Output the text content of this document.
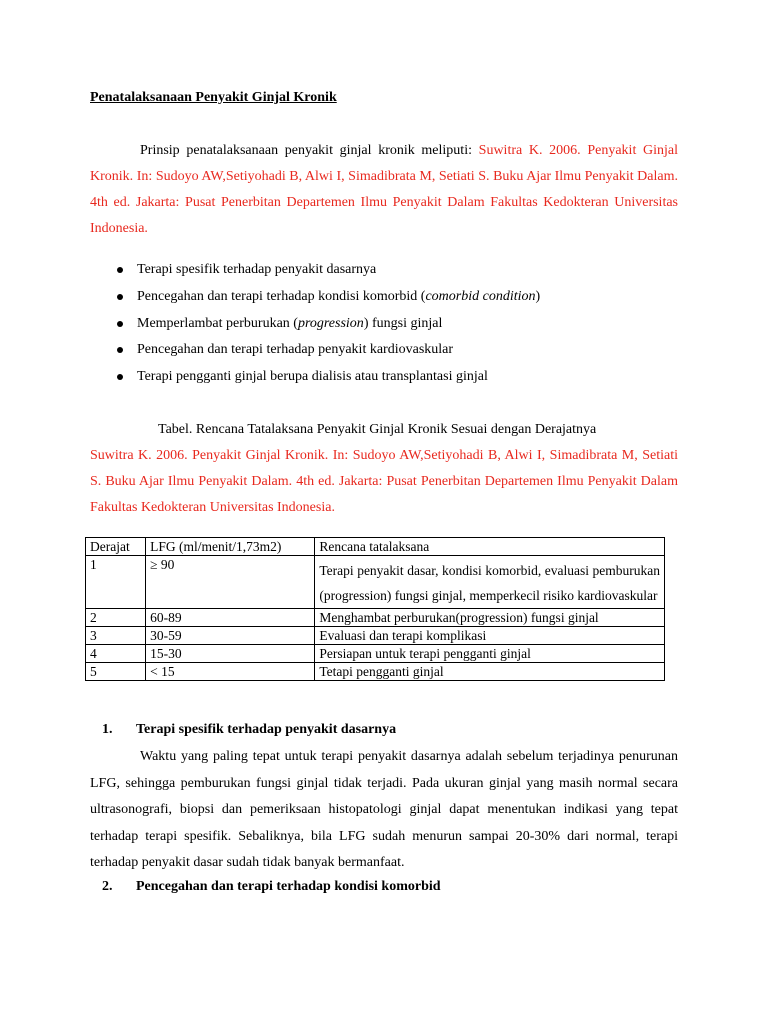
Penatalaksanaan Penyakit Ginjal Kronik

Prinsip penatalaksanaan penyakit ginjal kronik meliputi: Suwitra K. 2006. Penyakit Ginjal Kronik. In: Sudoyo AW,Setiyohadi B, Alwi I, Simadibrata M, Setiati S. Buku Ajar Ilmu Penyakit Dalam. 4th ed. Jakarta: Pusat Penerbitan Departemen Ilmu Penyakit Dalam Fakultas Kedokteran Universitas Indonesia.

Terapi spesifik terhadap penyakit dasarnya
Pencegahan dan terapi terhadap kondisi komorbid (comorbid condition)
Memperlambat perburukan (progression) fungsi ginjal
Pencegahan dan terapi terhadap penyakit kardiovaskular
Terapi pengganti ginjal berupa dialisis atau transplantasi ginjal

Tabel. Rencana Tatalaksana Penyakit Ginjal Kronik Sesuai dengan Derajatnya

Suwitra K. 2006. Penyakit Ginjal Kronik. In: Sudoyo AW,Setiyohadi B, Alwi I, Simadibrata M, Setiati S. Buku Ajar Ilmu Penyakit Dalam. 4th ed. Jakarta: Pusat Penerbitan Departemen Ilmu Penyakit Dalam Fakultas Kedokteran Universitas Indonesia.

Derajat	LFG (ml/menit/1,73m2)	Rencana tatalaksana
1	≥ 90	Terapi penyakit dasar, kondisi komorbid, evaluasi pemburukan (progression) fungsi ginjal, memperkecil risiko kardiovaskular
2	60-89	Menghambat perburukan(progression) fungsi ginjal
3	30-59	Evaluasi dan terapi komplikasi
4	15-30	Persiapan untuk terapi pengganti ginjal
5	< 15	Tetapi pengganti ginjal
1. Terapi spesifik terhadap penyakit dasarnya

Waktu yang paling tepat untuk terapi penyakit dasarnya adalah sebelum terjadinya penurunan LFG, sehingga pemburukan fungsi ginjal tidak terjadi. Pada ukuran ginjal yang masih normal secara ultrasonografi, biopsi dan pemeriksaan histopatologi ginjal dapat menentukan indikasi yang tepat terhadap terapi spesifik. Sebaliknya, bila LFG sudah menurun sampai 20-30% dari normal, terapi terhadap penyakit dasar sudah tidak banyak bermanfaat.

2. Pencegahan dan terapi terhadap kondisi komorbid
